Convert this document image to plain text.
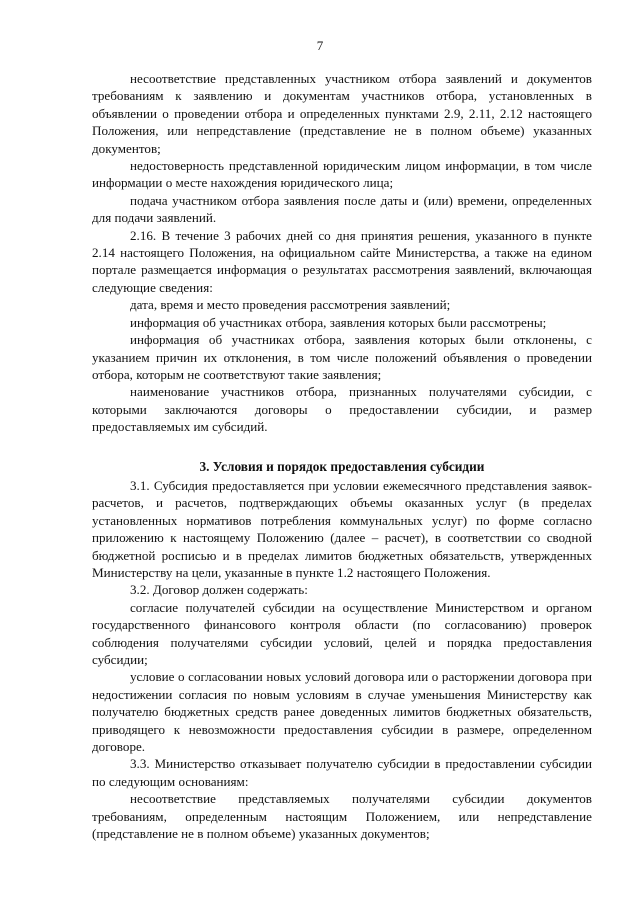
7

несоответствие представленных участником отбора заявлений и документов требованиям к заявлению и документам участников отбора, установленных в объявлении о проведении отбора и определенных пунктами 2.9, 2.11, 2.12 настоящего Положения, или непредставление (представление не в полном объеме) указанных документов;

недостоверность представленной юридическим лицом информации, в том числе информации о месте нахождения юридического лица;

подача участником отбора заявления после даты и (или) времени, определенных для подачи заявлений.

2.16. В течение 3 рабочих дней со дня принятия решения, указанного в пункте 2.14 настоящего Положения, на официальном сайте Министерства, а также на едином портале размещается информация о результатах рассмотрения заявлений, включающая следующие сведения:

дата, время и место проведения рассмотрения заявлений;

информация об участниках отбора, заявления которых были рассмотрены;

информация об участниках отбора, заявления которых были отклонены, с указанием причин их отклонения, в том числе положений объявления о проведении отбора, которым не соответствуют такие заявления;

наименование участников отбора, признанных получателями субсидии, с которыми заключаются договоры о предоставлении субсидии, и размер предоставляемых им субсидий.

3. Условия и порядок предоставления субсидии

3.1. Субсидия предоставляется при условии ежемесячного представления заявок-расчетов, и расчетов, подтверждающих объемы оказанных услуг (в пределах установленных нормативов потребления коммунальных услуг) по форме согласно приложению к настоящему Положению (далее – расчет), в соответствии со сводной бюджетной росписью и в пределах лимитов бюджетных обязательств, утвержденных Министерству на цели, указанные в пункте 1.2 настоящего Положения.

3.2. Договор должен содержать:

согласие получателей субсидии на осуществление Министерством и органом государственного финансового контроля области (по согласованию) проверок соблюдения получателями субсидии условий, целей и порядка предоставления субсидии;

условие о согласовании новых условий договора или о расторжении договора при недостижении согласия по новым условиям в случае уменьшения Министерству как получателю бюджетных средств ранее доведенных лимитов бюджетных обязательств, приводящего к невозможности предоставления субсидии в размере, определенном договоре.

3.3. Министерство отказывает получателю субсидии в предоставлении субсидии по следующим основаниям:

несоответствие представляемых получателями субсидии документов требованиям, определенным настоящим Положением, или непредставление (представление не в полном объеме) указанных документов;
